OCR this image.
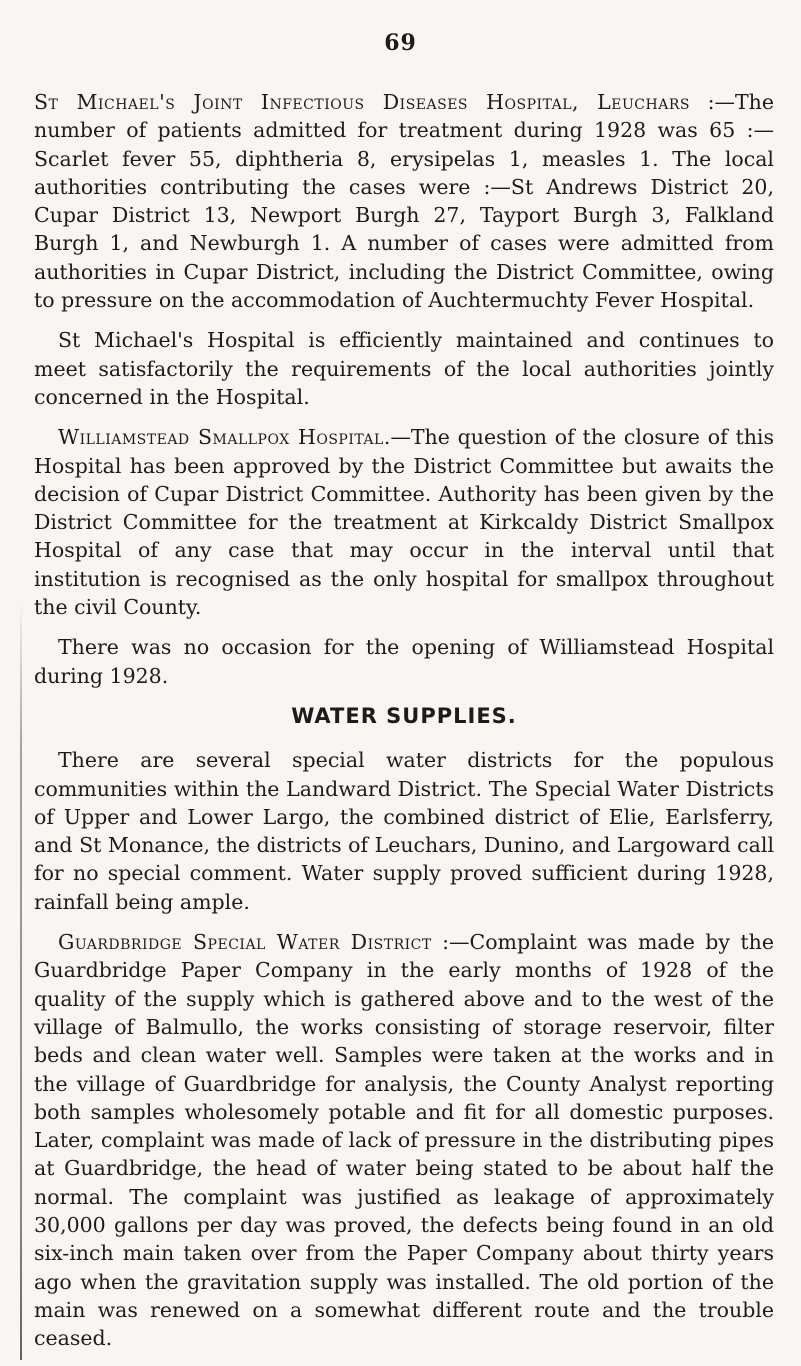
69

St Michael's Joint Infectious Diseases Hospital, Leuchars :—The number of patients admitted for treatment during 1928 was 65 :—Scarlet fever 55, diphtheria 8, erysipelas 1, measles 1. The local authorities contributing the cases were :—St Andrews District 20, Cupar District 13, Newport Burgh 27, Tayport Burgh 3, Falkland Burgh 1, and Newburgh 1. A number of cases were admitted from authorities in Cupar District, including the District Committee, owing to pressure on the accommodation of Auchtermuchty Fever Hospital.

St Michael's Hospital is efficiently maintained and continues to meet satisfactorily the requirements of the local authorities jointly concerned in the Hospital.

Williamstead Smallpox Hospital.—The question of the closure of this Hospital has been approved by the District Committee but awaits the decision of Cupar District Committee. Authority has been given by the District Committee for the treatment at Kirkcaldy District Smallpox Hospital of any case that may occur in the interval until that institution is recognised as the only hospital for smallpox throughout the civil County.

There was no occasion for the opening of Williamstead Hospital during 1928.

WATER SUPPLIES.

There are several special water districts for the populous communities within the Landward District. The Special Water Districts of Upper and Lower Largo, the combined district of Elie, Earlsferry, and St Monance, the districts of Leuchars, Dunino, and Largoward call for no special comment. Water supply proved sufficient during 1928, rainfall being ample.

Guardbridge Special Water District :—Complaint was made by the Guardbridge Paper Company in the early months of 1928 of the quality of the supply which is gathered above and to the west of the village of Balmullo, the works consisting of storage reservoir, filter beds and clean water well. Samples were taken at the works and in the village of Guardbridge for analysis, the County Analyst reporting both samples wholesomely potable and fit for all domestic purposes. Later, complaint was made of lack of pressure in the distributing pipes at Guardbridge, the head of water being stated to be about half the normal. The complaint was justified as leakage of approximately 30,000 gallons per day was proved, the defects being found in an old six-inch main taken over from the Paper Company about thirty years ago when the gravitation supply was installed. The old portion of the main was renewed on a somewhat different route and the trouble ceased.
